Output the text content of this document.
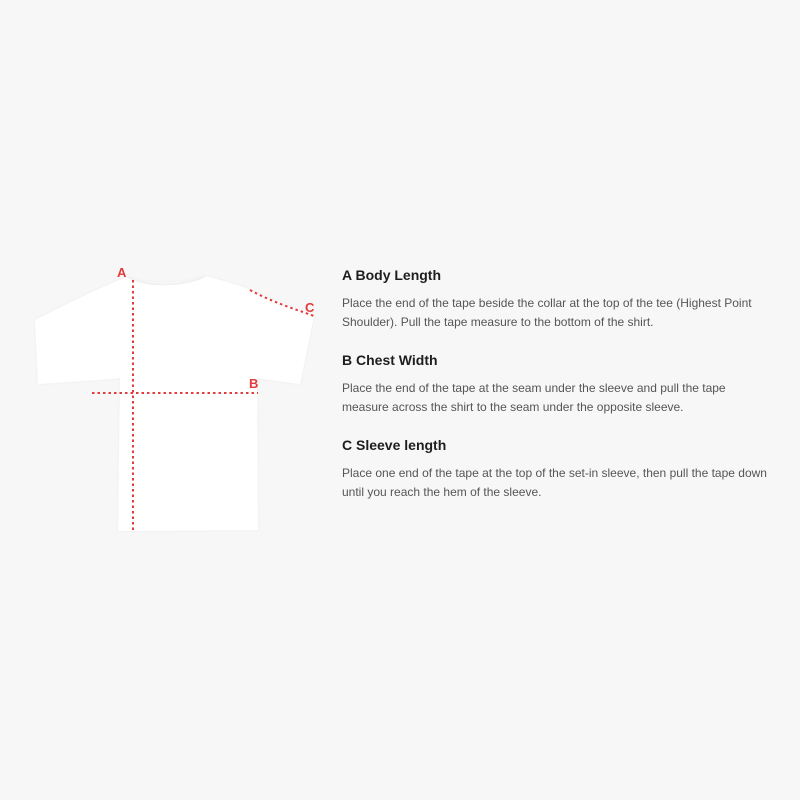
A
B
C
A Body Length

Place the end of the tape beside the collar at the top of the tee (Highest Point Shoulder). Pull the tape measure to the bottom of the shirt.

B Chest Width

Place the end of the tape at the seam under the sleeve and pull the tape measure across the shirt to the seam under the opposite sleeve.

C Sleeve length

Place one end of the tape at the top of the set-in sleeve, then pull the tape down until you reach the hem of the sleeve.
